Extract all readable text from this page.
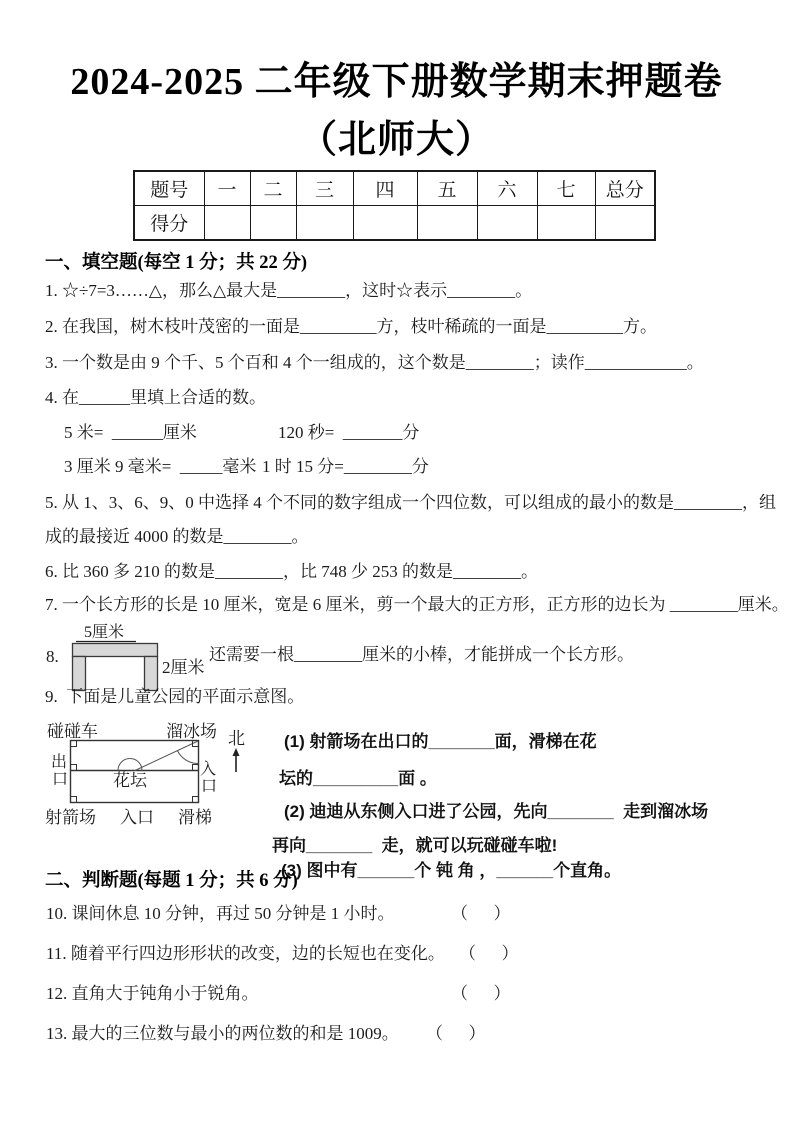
2024-2025 二年级下册数学期末押题卷
（北师大）
题号	一	二	三	四	五	六	七	总分
得分								
一、填空题(每空 1 分；共 22 分)
1. ☆÷7=3……△，那么△最大是________，这时☆表示________。
2. 在我国，树木枝叶茂密的一面是_________方，枝叶稀疏的一面是_________方。
3. 一个数是由 9 个千、5 个百和 4 个一组成的，这个数是________；读作____________。
4. 在______里填上合适的数。
5 米=  ______厘米	120 秒=  _______分
3 厘米 9 毫米=  _____毫米 1 时 15 分=________分
5. 从 1、3、6、9、0 中选择 4 个不同的数字组成一个四位数，可以组成的最小的数是________，组
成的最接近 4000 的数是________。
6. 比 360 多 210 的数是________，比 748 少 253 的数是________。
7. 一个长方形的长是 10 厘米，宽是 6 厘米，剪一个最大的正方形，正方形的边长为 ________厘米。
8.
5厘米
2厘米
还需要一根________厘米的小棒，才能拼成一个长方形。
9.  下面是儿童公园的平面示意图。
碰碰车	溜冰场
出
口
入
口
花坛
射箭场 入口 滑梯
北 (1) 射箭场在出口的_______面，滑梯在花
坛的_________面 。
(2) 迪迪从东侧入口进了公园，先向_______  走到溜冰场
再向_______  走，就可以玩碰碰车啦!
(3) 图中有______个 钝 角 ，______个直角。
二、判断题(每题 1 分；共 6 分)
10. 课间休息 10 分钟，再过 50 分钟是 1 小时。	（      ）
11. 随着平行四边形形状的改变，边的长短也在变化。 （      ）
12. 直角大于钝角小于锐角。	（      ）
13. 最大的三位数与最小的两位数的和是 1009。 （      ）
